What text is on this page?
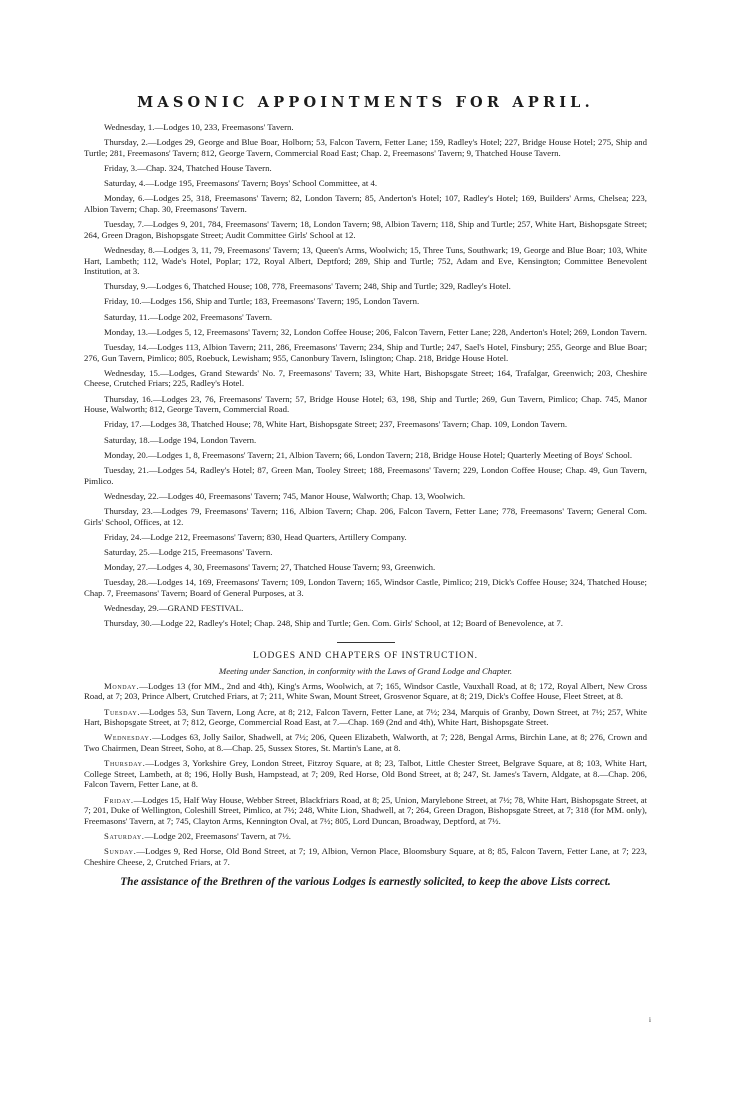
MASONIC APPOINTMENTS FOR APRIL.

Wednesday, 1.—Lodges 10, 233, Freemasons' Tavern.

Thursday, 2.—Lodges 29, George and Blue Boar, Holborn; 53, Falcon Tavern, Fetter Lane; 159, Radley's Hotel; 227, Bridge House Hotel; 275, Ship and Turtle; 281, Freemasons' Tavern; 812, George Tavern, Commercial Road East; Chap. 2, Freemasons' Tavern; 9, Thatched House Tavern.

Friday, 3.—Chap. 324, Thatched House Tavern.

Saturday, 4.—Lodge 195, Freemasons' Tavern; Boys' School Committee, at 4.

Monday, 6.—Lodges 25, 318, Freemasons' Tavern; 82, London Tavern; 85, Anderton's Hotel; 107, Radley's Hotel; 169, Builders' Arms, Chelsea; 223, Albion Tavern; Chap. 30, Freemasons' Tavern.

Tuesday, 7.—Lodges 9, 201, 784, Freemasons' Tavern; 18, London Tavern; 98, Albion Tavern; 118, Ship and Turtle; 257, White Hart, Bishopsgate Street; 264, Green Dragon, Bishopsgate Street; Audit Committee Girls' School at 12.

Wednesday, 8.—Lodges 3, 11, 79, Freemasons' Tavern; 13, Queen's Arms, Woolwich; 15, Three Tuns, Southwark; 19, George and Blue Boar; 103, White Hart, Lambeth; 112, Wade's Hotel, Poplar; 172, Royal Albert, Deptford; 289, Ship and Turtle; 752, Adam and Eve, Kensington; Committee Benevolent Institution, at 3.

Thursday, 9.—Lodges 6, Thatched House; 108, 778, Freemasons' Tavern; 248, Ship and Turtle; 329, Radley's Hotel.

Friday, 10.—Lodges 156, Ship and Turtle; 183, Freemasons' Tavern; 195, London Tavern.

Saturday, 11.—Lodge 202, Freemasons' Tavern.

Monday, 13.—Lodges 5, 12, Freemasons' Tavern; 32, London Coffee House; 206, Falcon Tavern, Fetter Lane; 228, Anderton's Hotel; 269, London Tavern.

Tuesday, 14.—Lodges 113, Albion Tavern; 211, 286, Freemasons' Tavern; 234, Ship and Turtle; 247, Sael's Hotel, Finsbury; 255, George and Blue Boar; 276, Gun Tavern, Pimlico; 805, Roebuck, Lewisham; 955, Canonbury Tavern, Islington; Chap. 218, Bridge House Hotel.

Wednesday, 15.—Lodges, Grand Stewards' No. 7, Freemasons' Tavern; 33, White Hart, Bishopsgate Street; 164, Trafalgar, Greenwich; 203, Cheshire Cheese, Crutched Friars; 225, Radley's Hotel.

Thursday, 16.—Lodges 23, 76, Freemasons' Tavern; 57, Bridge House Hotel; 63, 198, Ship and Turtle; 269, Gun Tavern, Pimlico; Chap. 745, Manor House, Walworth; 812, George Tavern, Commercial Road.

Friday, 17.—Lodges 38, Thatched House; 78, White Hart, Bishopsgate Street; 237, Freemasons' Tavern; Chap. 109, London Tavern.

Saturday, 18.—Lodge 194, London Tavern.

Monday, 20.—Lodges 1, 8, Freemasons' Tavern; 21, Albion Tavern; 66, London Tavern; 218, Bridge House Hotel; Quarterly Meeting of Boys' School.

Tuesday, 21.—Lodges 54, Radley's Hotel; 87, Green Man, Tooley Street; 188, Freemasons' Tavern; 229, London Coffee House; Chap. 49, Gun Tavern, Pimlico.

Wednesday, 22.—Lodges 40, Freemasons' Tavern; 745, Manor House, Walworth; Chap. 13, Woolwich.

Thursday, 23.—Lodges 79, Freemasons' Tavern; 116, Albion Tavern; Chap. 206, Falcon Tavern, Fetter Lane; 778, Freemasons' Tavern; General Com. Girls' School, Offices, at 12.

Friday, 24.—Lodge 212, Freemasons' Tavern; 830, Head Quarters, Artillery Company.

Saturday, 25.—Lodge 215, Freemasons' Tavern.

Monday, 27.—Lodges 4, 30, Freemasons' Tavern; 27, Thatched House Tavern; 93, Greenwich.

Tuesday, 28.—Lodges 14, 169, Freemasons' Tavern; 109, London Tavern; 165, Windsor Castle, Pimlico; 219, Dick's Coffee House; 324, Thatched House; Chap. 7, Freemasons' Tavern; Board of General Purposes, at 3.

Wednesday, 29.—GRAND FESTIVAL.

Thursday, 30.—Lodge 22, Radley's Hotel; Chap. 248, Ship and Turtle; Gen. Com. Girls' School, at 12; Board of Benevolence, at 7.

LODGES AND CHAPTERS OF INSTRUCTION.
Meeting under Sanction, in conformity with the Laws of Grand Lodge and Chapter.

Monday.—Lodges 13 (for MM., 2nd and 4th), King's Arms, Woolwich, at 7; 165, Windsor Castle, Vauxhall Road, at 8; 172, Royal Albert, New Cross Road, at 7; 203, Prince Albert, Crutched Friars, at 7; 211, White Swan, Mount Street, Grosvenor Square, at 8; 219, Dick's Coffee House, Fleet Street, at 8.

Tuesday.—Lodges 53, Sun Tavern, Long Acre, at 8; 212, Falcon Tavern, Fetter Lane, at 7½; 234, Marquis of Granby, Down Street, at 7½; 257, White Hart, Bishopsgate Street, at 7; 812, George, Commercial Road East, at 7.—Chap. 169 (2nd and 4th), White Hart, Bishopsgate Street.

Wednesday.—Lodges 63, Jolly Sailor, Shadwell, at 7½; 206, Queen Elizabeth, Walworth, at 7; 228, Bengal Arms, Birchin Lane, at 8; 276, Crown and Two Chairmen, Dean Street, Soho, at 8.—Chap. 25, Sussex Stores, St. Martin's Lane, at 8.

Thursday.—Lodges 3, Yorkshire Grey, London Street, Fitzroy Square, at 8; 23, Talbot, Little Chester Street, Belgrave Square, at 8; 103, White Hart, College Street, Lambeth, at 8; 196, Holly Bush, Hampstead, at 7; 209, Red Horse, Old Bond Street, at 8; 247, St. James's Tavern, Aldgate, at 8.—Chap. 206, Falcon Tavern, Fetter Lane, at 8.

Friday.—Lodges 15, Half Way House, Webber Street, Blackfriars Road, at 8; 25, Union, Marylebone Street, at 7½; 78, White Hart, Bishopsgate Street, at 7; 201, Duke of Wellington, Coleshill Street, Pimlico, at 7½; 248, White Lion, Shadwell, at 7; 264, Green Dragon, Bishopsgate Street, at 7; 318 (for MM. only), Freemasons' Tavern, at 7; 745, Clayton Arms, Kennington Oval, at 7½; 805, Lord Duncan, Broadway, Deptford, at 7½.

Saturday.—Lodge 202, Freemasons' Tavern, at 7½.

Sunday.—Lodges 9, Red Horse, Old Bond Street, at 7; 19, Albion, Vernon Place, Bloomsbury Square, at 8; 85, Falcon Tavern, Fetter Lane, at 7; 223, Cheshire Cheese, 2, Crutched Friars, at 7.

The assistance of the Brethren of the various Lodges is earnestly solicited, to keep the above Lists correct.
i
